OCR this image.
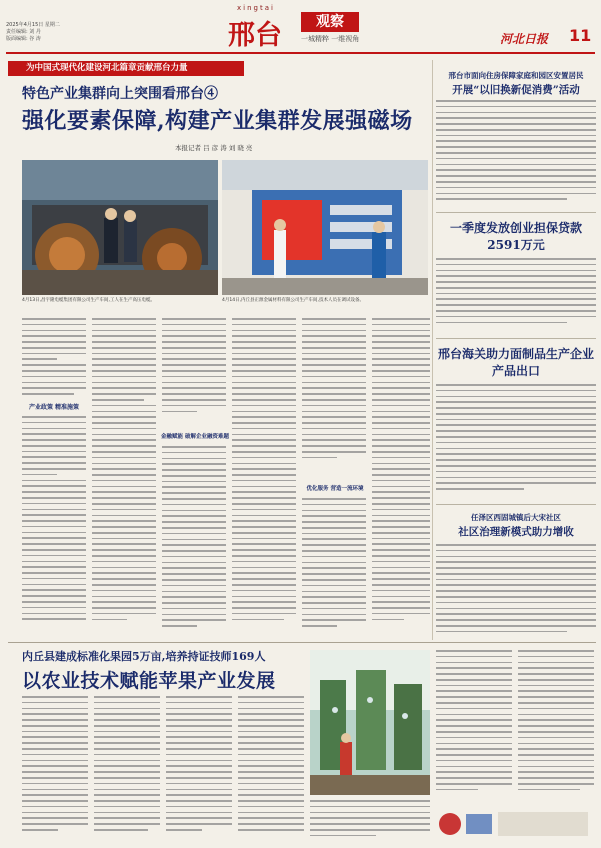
2025年4月15日 星期二
责任编辑: 刘 丹
版面编辑: 谷 涛
xingtai
邢台	观察
一城精粹 一维视角	河北日报 11
为中国式现代化建设河北篇章贡献邢台力量
特色产业集群向上突围看邢台④
强化要素保障,构建产业集群发展强磁场
本报记者 吕 彦 涛 刘 晓 亮
4月13日,昌宇隆电缆集团有限公司生产车间,工人在生产高压电缆。	4月14日,内丘县正源金属材料有限公司生产车间,技术人员在调试设备。
产业政策 精准施策
金融赋能 破解企业融资难题
优化服务 营造一流环境
邢台市面向住房保障家庭和园区安置居民
开展“以旧换新促消费”活动
一季度发放创业担保贷款2591万元
邢台海关助力面制品生产企业产品出口
任泽区西固城镇后大宋社区
社区治理新模式助力增收
内丘县建成标准化果园5万亩,培养持证技师169人
以农业技术赋能苹果产业发展
